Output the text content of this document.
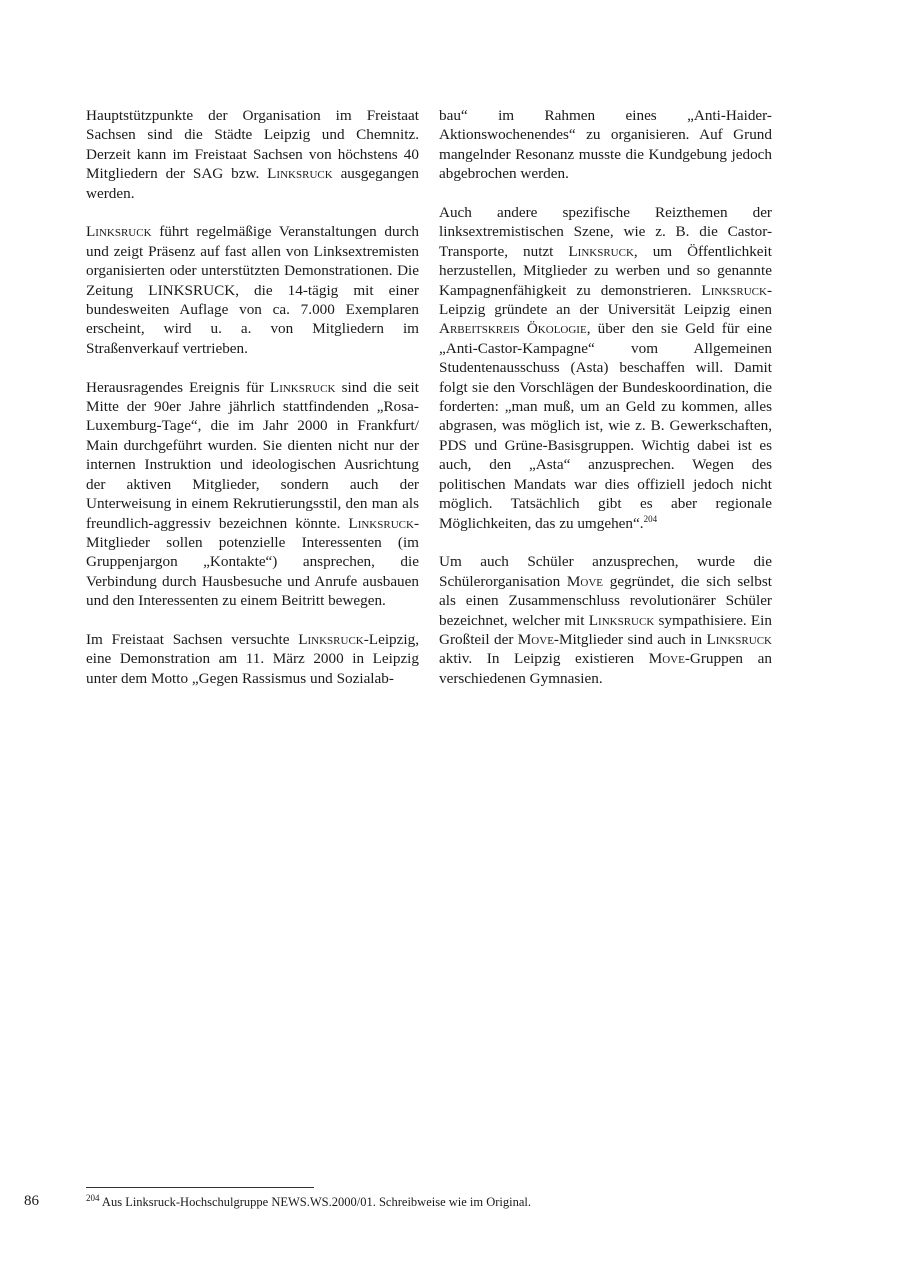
Hauptstützpunkte der Organisation im Freistaat Sachsen sind die Städte Leipzig und Chemnitz. Derzeit kann im Freistaat Sachsen von höchstens 40 Mitgliedern der SAG bzw. Linksruck ausgegangen werden.

Linksruck führt regelmäßige Veranstaltungen durch und zeigt Präsenz auf fast allen von Linksextremisten organisierten oder unterstützten Demonstrationen. Die Zeitung LINKSRUCK, die 14-tägig mit einer bundesweiten Auflage von ca. 7.000 Exemplaren erscheint, wird u. a. von Mitgliedern im Straßenverkauf vertrieben.

Herausragendes Ereignis für Linksruck sind die seit Mitte der 90er Jahre jährlich stattfindenden „Rosa-Luxemburg-Tage“, die im Jahr 2000 in Frankfurt/ Main durchgeführt wurden. Sie dienten nicht nur der internen Instruktion und ideologischen Ausrichtung der aktiven Mitglieder, sondern auch der Unterweisung in einem Rekrutierungsstil, den man als freundlich-aggressiv bezeichnen könnte. Linksruck-Mitglieder sollen potenzielle Interessenten (im Gruppenjargon „Kontakte“) ansprechen, die Verbindung durch Hausbesuche und Anrufe ausbauen und den Interessenten zu einem Beitritt bewegen.

Im Freistaat Sachsen versuchte Linksruck-Leipzig, eine Demonstration am 11. März 2000 in Leipzig unter dem Motto „Gegen Rassismus und Sozialab-

bau“ im Rahmen eines „Anti-Haider-Aktionswochenendes“ zu organisieren. Auf Grund mangelnder Resonanz musste die Kundgebung jedoch abgebrochen werden.

Auch andere spezifische Reizthemen der linksextremistischen Szene, wie z. B. die Castor-Transporte, nutzt Linksruck, um Öffentlichkeit herzustellen, Mitglieder zu werben und so genannte Kampagnenfähigkeit zu demonstrieren. Linksruck-Leipzig gründete an der Universität Leipzig einen Arbeitskreis Ökologie, über den sie Geld für eine „Anti-Castor-Kampagne“ vom Allgemeinen Studentenausschuss (Asta) beschaffen will. Damit folgt sie den Vorschlägen der Bundeskoordination, die forderten: „man muß, um an Geld zu kommen, alles abgrasen, was möglich ist, wie z. B. Gewerkschaften, PDS und Grüne-Basisgruppen. Wichtig dabei ist es auch, den „Asta“ anzusprechen. Wegen des politischen Mandats war dies offiziell jedoch nicht möglich. Tatsächlich gibt es aber regionale Möglichkeiten, das zu umgehen“.$^{204}$

Um auch Schüler anzusprechen, wurde die Schülerorganisation Move gegründet, die sich selbst als einen Zusammenschluss revolutionärer Schüler bezeichnet, welcher mit Linksruck sympathisiere. Ein Großteil der Move-Mitglieder sind auch in Linksruck aktiv. In Leipzig existieren Move-Gruppen an verschiedenen Gymnasien.

86	$^{204}$ Aus Linksruck-Hochschulgruppe NEWS.WS.2000/01. Schreibweise wie im Original.
